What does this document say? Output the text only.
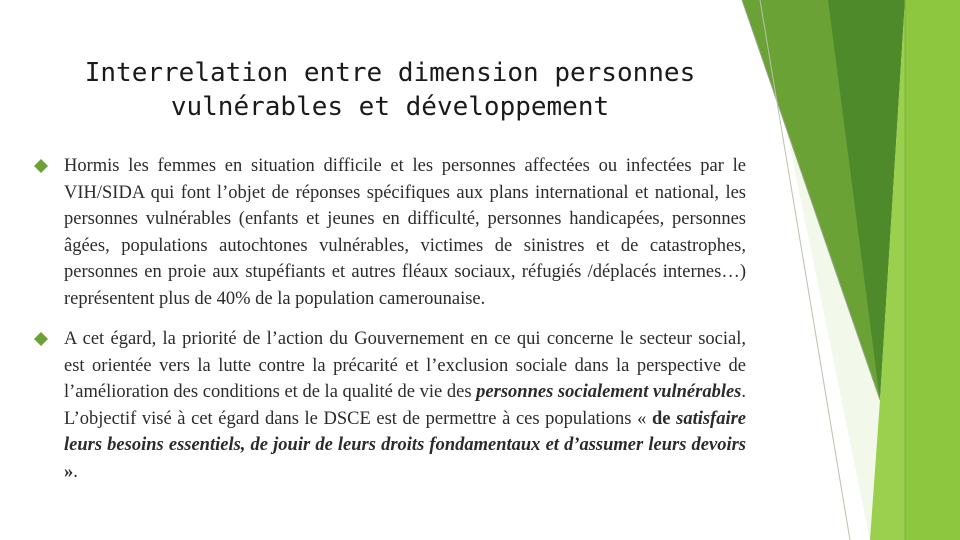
Interrelation entre dimension personnes
vulnérables et développement
Hormis les femmes en situation difficile et les personnes affectées ou infectées par le VIH/SIDA qui font l’objet de réponses spécifiques aux plans international et national, les personnes vulnérables (enfants et jeunes en difficulté, personnes handicapées, personnes âgées, populations autochtones vulnérables, victimes de sinistres et de catastrophes, personnes en proie aux stupéfiants et autres fléaux sociaux, réfugiés /déplacés internes…) représentent plus de 40% de la population camerounaise.
A cet égard, la priorité de l’action du Gouvernement en ce qui concerne le secteur social, est orientée vers la lutte contre la précarité et l’exclusion sociale dans la perspective de l’amélioration des conditions et de la qualité de vie des personnes socialement vulnérables. L’objectif visé à cet égard dans le DSCE est de permettre à ces populations « de satisfaire leurs besoins essentiels, de jouir de leurs droits fondamentaux et d’assumer leurs devoirs ».
